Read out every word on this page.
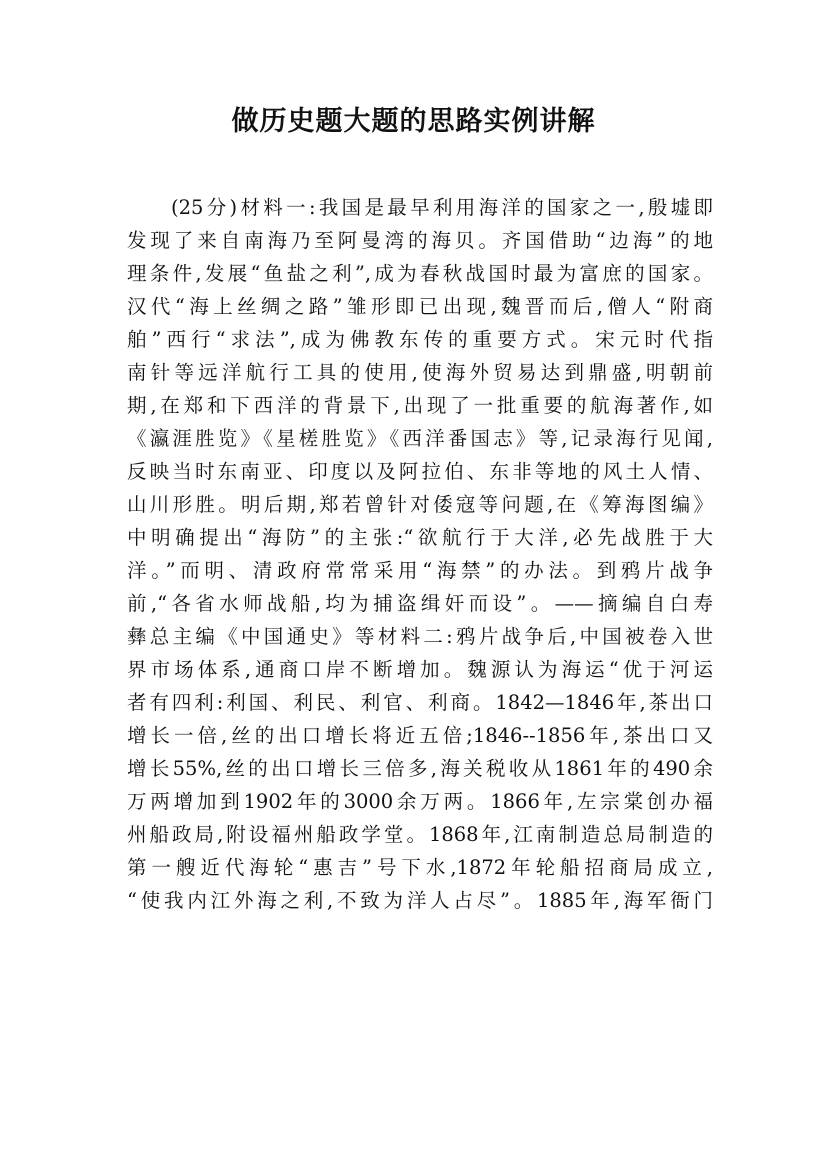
做历史题大题的思路实例讲解
(25分)材料一:我国是最早利用海洋的国家之一,殷墟即
发现了来自南海乃至阿曼湾的海贝。齐国借助“边海”的地
理条件,发展“鱼盐之利”,成为春秋战国时最为富庶的国家。
汉代“海上丝绸之路”雏形即已出现,魏晋而后,僧人“附商
舶”西行“求法”,成为佛教东传的重要方式。宋元时代指
南针等远洋航行工具的使用,使海外贸易达到鼎盛,明朝前
期,在郑和下西洋的背景下,出现了一批重要的航海著作,如
《瀛涯胜览》《星槎胜览》《西洋番国志》等,记录海行见闻,
反映当时东南亚、印度以及阿拉伯、东非等地的风土人情、
山川形胜。明后期,郑若曾针对倭寇等问题,在《筹海图编》
中明确提出“海防”的主张:“欲航行于大洋,必先战胜于大
洋。”而明、清政府常常采用“海禁”的办法。到鸦片战争
前,“各省水师战船,均为捕盗缉奸而设”。——摘编自白寿
彝总主编《中国通史》等材料二:鸦片战争后,中国被卷入世
界市场体系,通商口岸不断增加。魏源认为海运“优于河运
者有四利:利国、利民、利官、利商。1842—1846年,茶出口
增长一倍,丝的出口增长将近五倍;1846--1856年,茶出口又
增长55%,丝的出口增长三倍多,海关税收从1861年的490余
万两增加到1902年的3000余万两。1866年,左宗棠创办福
州船政局,附设福州船政学堂。1868年,江南制造总局制造的
第一艘近代海轮“惠吉”号下水,1872年轮船招商局成立,
“使我内江外海之利,不致为洋人占尽”。1885年,海军衙门
